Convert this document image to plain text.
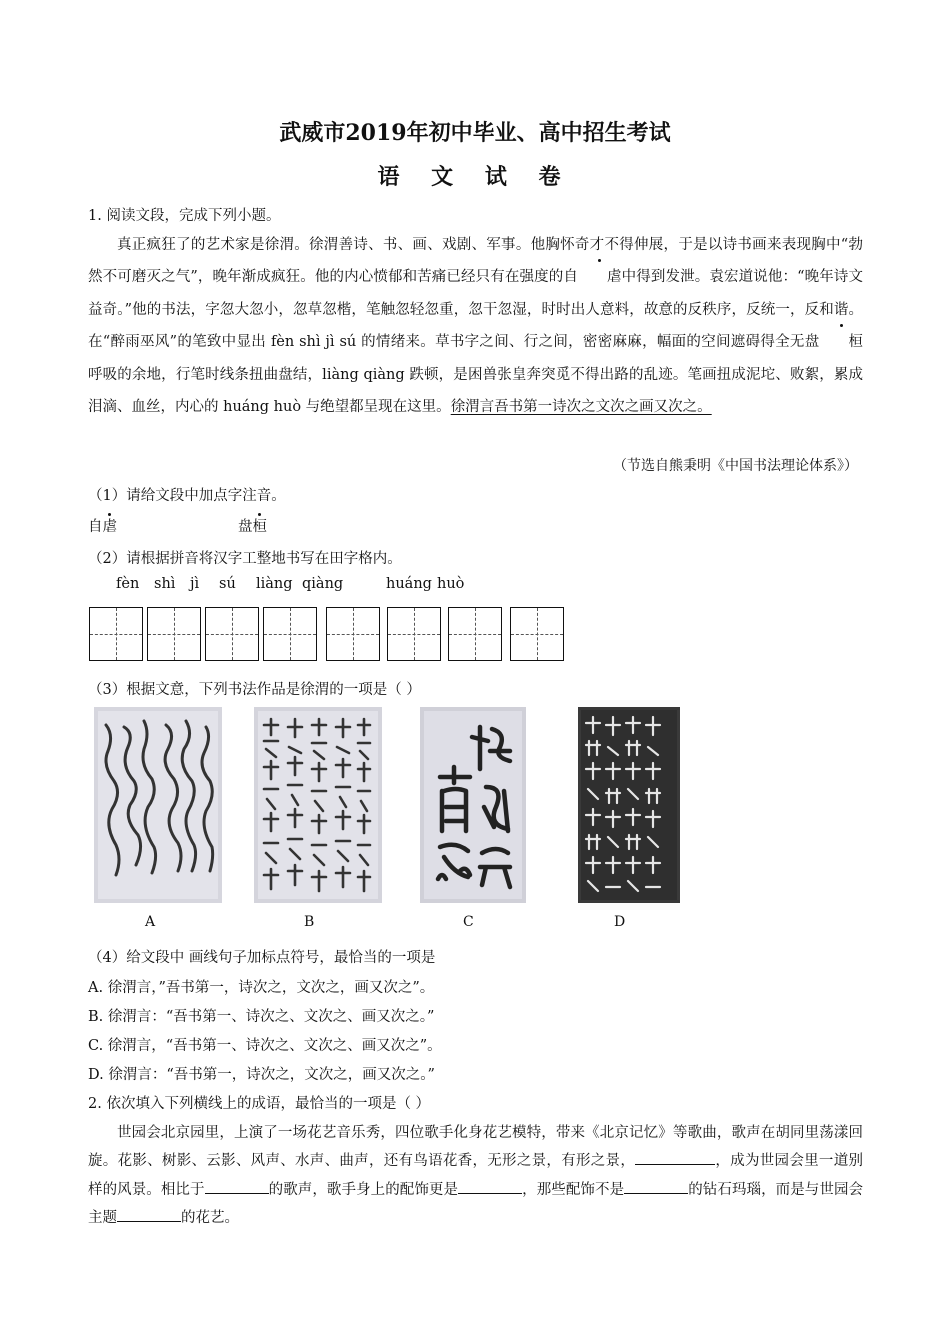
武威市2019年初中毕业、高中招生考试
语 文 试 卷
1. 阅读文段，完成下列小题。
真正疯狂了的艺术家是徐渭。徐渭善诗、书、画、戏剧、军事。他胸怀奇才不得伸展，于是以诗书画来表现胸中“勃然不可磨灭之气”，晚年渐成疯狂。他的内心愤郁和苦痛已经只有在强度的自 虐中得到发泄。袁宏道说他：“晚年诗文益奇。”他的书法，字忽大忽小，忽草忽楷，笔触忽轻忽重，忽干忽湿，时时出人意料，故意的反秩序，反统一，反和谐。在“醉雨巫风”的笔致中显出 fèn shì jì sú 的情绪来。草书字之间、行之间，密密麻麻，幅面的空间遮碍得全无盘 桓呼吸的余地，行笔时线条扭曲盘结，liàng qiàng 跌顿，是困兽张皇奔突觅不得出路的乱迹。笔画扭成泥坨、败絮，累成泪滴、血丝，内心的 huáng huò 与绝望都呈现在这里。徐渭言吾书第一诗次之文次之画又次之。
（节选自熊秉明《中国书法理论体系》）
（1）请给文段中加点字注音。
自虐	盘桓
（2）请根据拼音将汉字工整地书写在田字格内。
fèn shì jì sú liàng qiàng	huáng huò
（3）根据文意，下列书法作品是徐渭的一项是（ ）
A	B	C	D
（4）给文段中 画线句子加标点符号，最恰当的一项是
A. 徐渭言，”吾书第一，诗次之，文次之，画又次之”。
B. 徐渭言：“吾书第一、诗次之、文次之、画又次之。”
C. 徐渭言，“吾书第一、诗次之、文次之、画又次之”。
D. 徐渭言：“吾书第一，诗次之，文次之，画又次之。”
2. 依次填入下列横线上的成语，最恰当的一项是（ ）
世园会北京园里，上演了一场花艺音乐秀，四位歌手化身花艺模特，带来《北京记忆》等歌曲，歌声在胡同里荡漾回旋。花影、树影、云影、风声、水声、曲声，还有鸟语花香，无形之景，有形之景，	，成为世园会里一道别样的风景。相比于	的歌声，歌手身上的配饰更是	，那些配饰不是	的钻石玛瑙，而是与世园会主题	的花艺。
